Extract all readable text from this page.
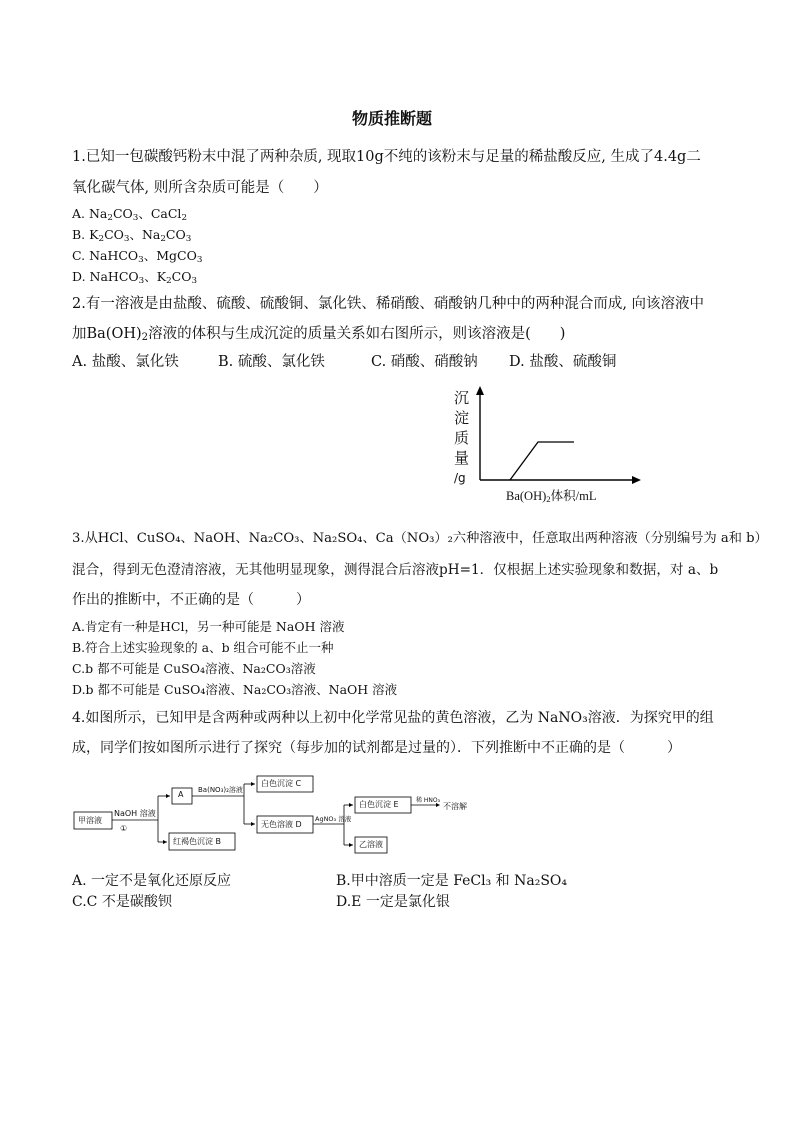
物质推断题
1.已知一包碳酸钙粉末中混了两种杂质, 现取10g不纯的该粉末与足量的稀盐酸反应, 生成了4.4g二
氧化碳气体, 则所含杂质可能是（　　）
A. $Na_2CO_3$、CaCl$_2$
B. $K_2CO_3$、$Na_2CO_3$
C. NaHCO$_3$、MgCO$_3$
D. NaHCO$_3$、$K_2CO_3$
2.有一溶液是由盐酸、硫酸、硫酸铜、氯化铁、稀硝酸、硝酸钠几种中的两种混合而成, 向该溶液中
加$Ba(OH)_2$溶液的体积与生成沉淀的质量关系如右图所示，则该溶液是(　　)
A. 盐酸、氯化铁	B. 硫酸、氯化铁	C. 硝酸、硝酸钠 D. 盐酸、硫酸铜
沉
淀
质
量
/g
$Ba(OH)_2$体积/mL
3.从HCl、CuSO₄、NaOH、Na₂CO₃、Na₂SO₄、Ca（NO₃）₂六种溶液中，任意取出两种溶液（分别编号为 a和 b）
混合，得到无色澄清溶液，无其他明显现象，测得混合后溶液pH=1．仅根据上述实验现象和数据，对 a、b
作出的推断中，不正确的是（　　　）
A.肯定有一种是HCl，另一种可能是 NaOH 溶液
B.符合上述实验现象的 a、b 组合可能不止一种
C.b 都不可能是 CuSO₄溶液、Na₂CO₃溶液
D.b 都不可能是 CuSO₄溶液、Na₂CO₃溶液、NaOH 溶液
4.如图所示，已知甲是含两种或两种以上初中化学常见盐的黄色溶液，乙为 NaNO₃溶液．为探究甲的组
成，同学们按如图所示进行了探究（每步加的试剂都是过量的）．下列推断中不正确的是（　　　）
甲溶液
NaOH 溶液
①
A Ba(NO₃)₂溶液
白色沉淀 C
无色溶液 D
红褐色沉淀 B
AgNO₃ 溶液
白色沉淀 E	稀 HNO₃
不溶解
乙溶液
A. 一定不是氧化还原反应	B.甲中溶质一定是 FeCl₃ 和 Na₂SO₄
C.C 不是碳酸钡	D.E 一定是氯化银
